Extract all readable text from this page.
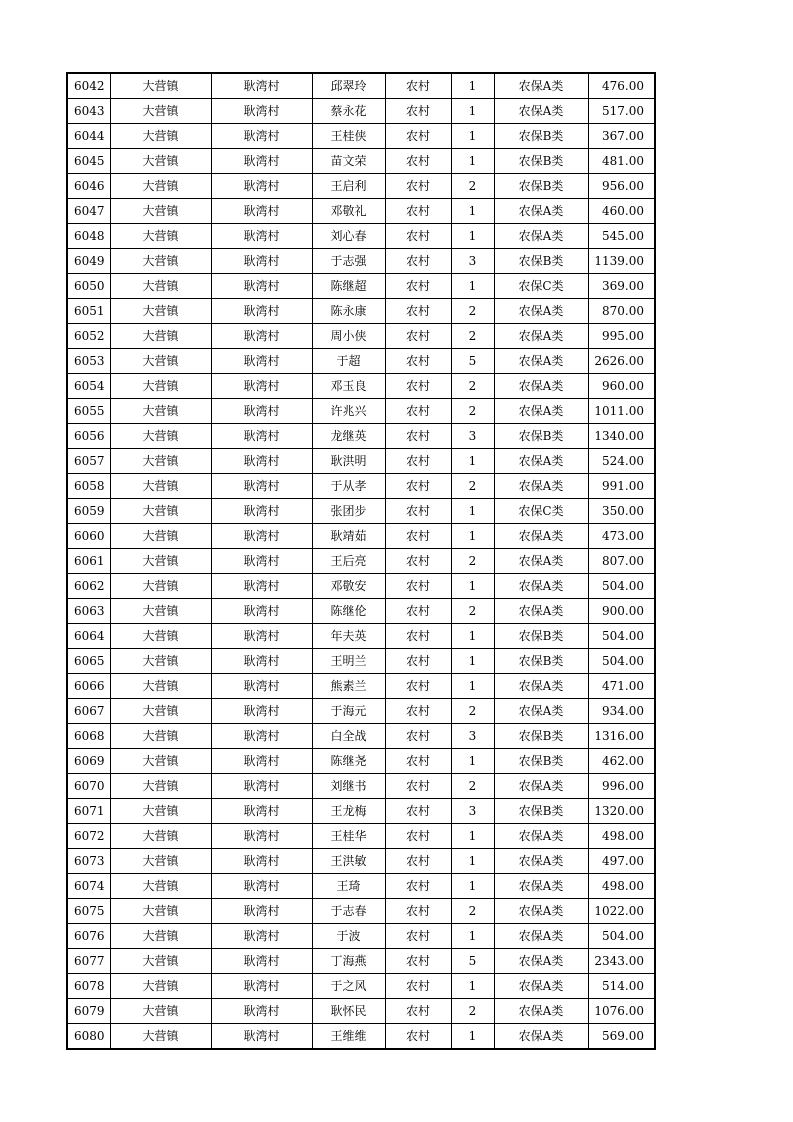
6042	大营镇	耿湾村	邱翠玲	农村	1	农保A类	476.00
6043	大营镇	耿湾村	蔡永花	农村	1	农保A类	517.00
6044	大营镇	耿湾村	王桂侠	农村	1	农保B类	367.00
6045	大营镇	耿湾村	苗文荣	农村	1	农保B类	481.00
6046	大营镇	耿湾村	王启利	农村	2	农保B类	956.00
6047	大营镇	耿湾村	邓敬礼	农村	1	农保A类	460.00
6048	大营镇	耿湾村	刘心春	农村	1	农保A类	545.00
6049	大营镇	耿湾村	于志强	农村	3	农保B类	1139.00
6050	大营镇	耿湾村	陈继超	农村	1	农保C类	369.00
6051	大营镇	耿湾村	陈永康	农村	2	农保A类	870.00
6052	大营镇	耿湾村	周小侠	农村	2	农保A类	995.00
6053	大营镇	耿湾村	于超	农村	5	农保A类	2626.00
6054	大营镇	耿湾村	邓玉良	农村	2	农保A类	960.00
6055	大营镇	耿湾村	许兆兴	农村	2	农保A类	1011.00
6056	大营镇	耿湾村	龙继英	农村	3	农保B类	1340.00
6057	大营镇	耿湾村	耿洪明	农村	1	农保A类	524.00
6058	大营镇	耿湾村	于从孝	农村	2	农保A类	991.00
6059	大营镇	耿湾村	张团步	农村	1	农保C类	350.00
6060	大营镇	耿湾村	耿靖茹	农村	1	农保A类	473.00
6061	大营镇	耿湾村	王后亮	农村	2	农保A类	807.00
6062	大营镇	耿湾村	邓敬安	农村	1	农保A类	504.00
6063	大营镇	耿湾村	陈继伦	农村	2	农保A类	900.00
6064	大营镇	耿湾村	年夫英	农村	1	农保B类	504.00
6065	大营镇	耿湾村	王明兰	农村	1	农保B类	504.00
6066	大营镇	耿湾村	熊素兰	农村	1	农保A类	471.00
6067	大营镇	耿湾村	于海元	农村	2	农保A类	934.00
6068	大营镇	耿湾村	白全战	农村	3	农保B类	1316.00
6069	大营镇	耿湾村	陈继尧	农村	1	农保B类	462.00
6070	大营镇	耿湾村	刘继书	农村	2	农保A类	996.00
6071	大营镇	耿湾村	王龙梅	农村	3	农保B类	1320.00
6072	大营镇	耿湾村	王桂华	农村	1	农保A类	498.00
6073	大营镇	耿湾村	王洪敏	农村	1	农保A类	497.00
6074	大营镇	耿湾村	王琦	农村	1	农保A类	498.00
6075	大营镇	耿湾村	于志春	农村	2	农保A类	1022.00
6076	大营镇	耿湾村	于波	农村	1	农保A类	504.00
6077	大营镇	耿湾村	丁海燕	农村	5	农保A类	2343.00
6078	大营镇	耿湾村	于之风	农村	1	农保A类	514.00
6079	大营镇	耿湾村	耿怀民	农村	2	农保A类	1076.00
6080	大营镇	耿湾村	王维维	农村	1	农保A类	569.00
